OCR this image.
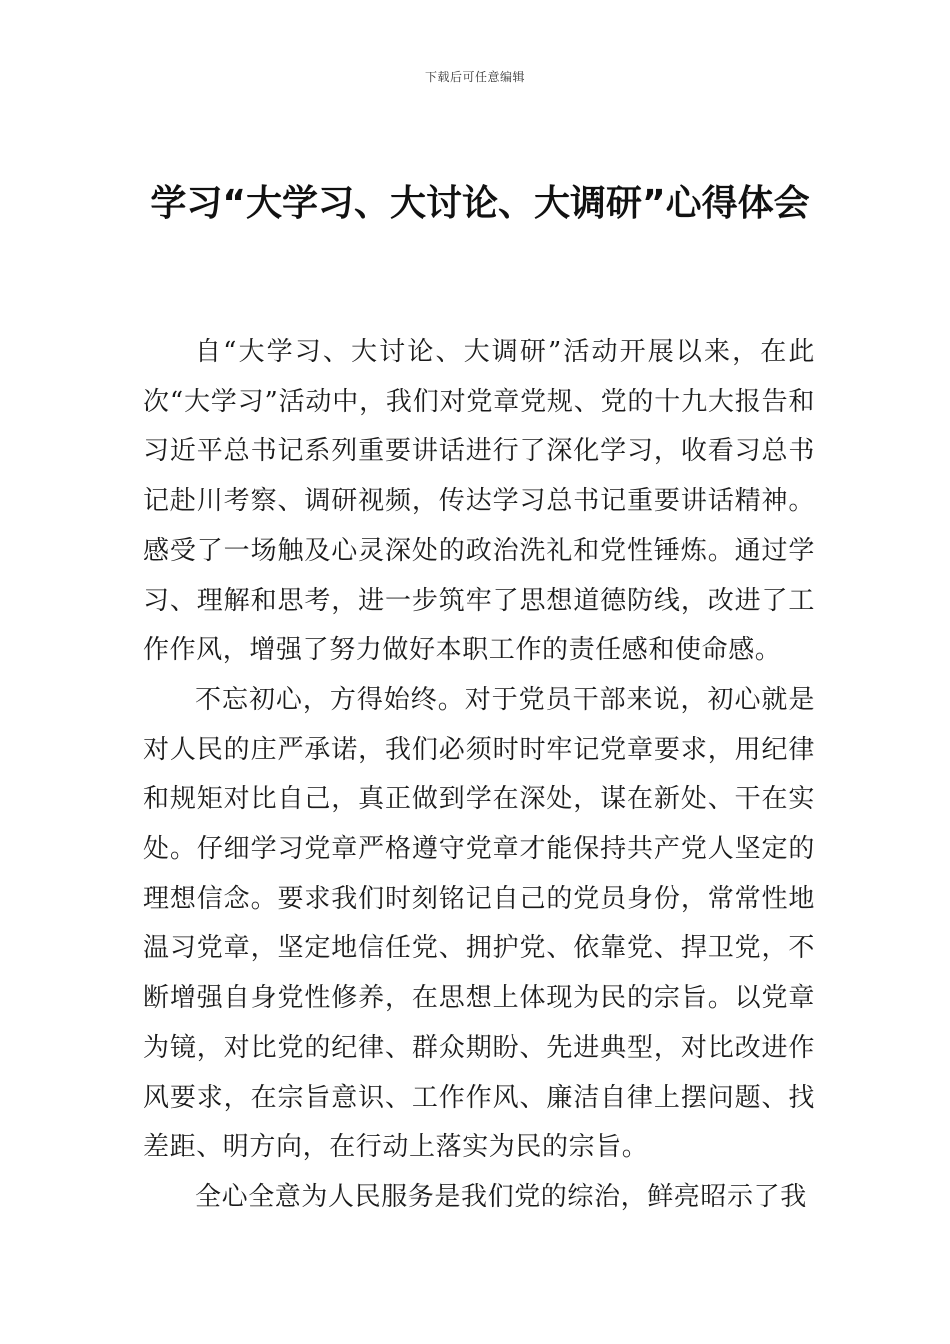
下载后可任意编辑
学习“大学习、大讨论、大调研”心得体会

自“大学习、大讨论、大调研”活动开展以来，在此次“大学习”活动中，我们对党章党规、党的十九大报告和习近平总书记系列重要讲话进行了深化学习，收看习总书记赴川考察、调研视频，传达学习总书记重要讲话精神。感受了一场触及心灵深处的政治洗礼和党性锤炼。通过学习、理解和思考，进一步筑牢了思想道德防线，改进了工作作风，增强了努力做好本职工作的责任感和使命感。

不忘初心，方得始终。对于党员干部来说，初心就是对人民的庄严承诺，我们必须时时牢记党章要求，用纪律和规矩对比自己，真正做到学在深处，谋在新处、干在实处。仔细学习党章严格遵守党章才能保持共产党人坚定的理想信念。要求我们时刻铭记自己的党员身份，常常性地温习党章，坚定地信任党、拥护党、依靠党、捍卫党，不断增强自身党性修养，在思想上体现为民的宗旨。以党章为镜，对比党的纪律、群众期盼、先进典型，对比改进作风要求，在宗旨意识、工作作风、廉洁自律上摆问题、找差距、明方向，在行动上落实为民的宗旨。

全心全意为人民服务是我们党的综治，鲜亮昭示了我
